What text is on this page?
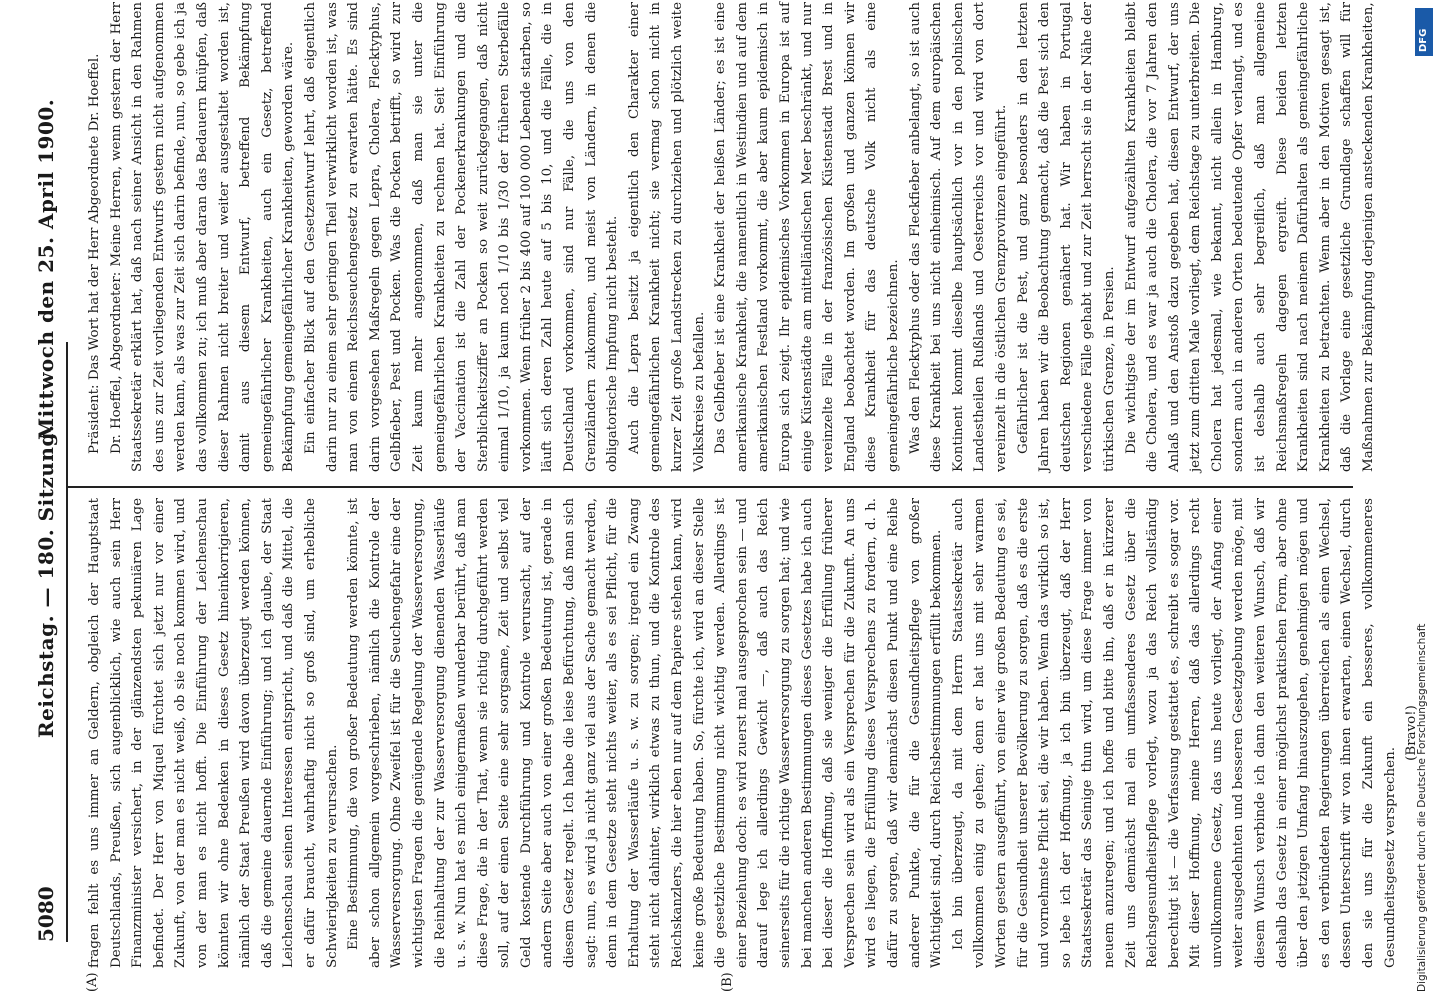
5080
Reichstag. — 180. Sitzung.
Mittwoch den 25. April 1900.
(A)	(B)

fragen fehlt es uns immer an Geldern, obgleich der Hauptstaat Deutschlands, Preußen, sich augenblicklich, wie auch sein Herr Finanzminister versichert, in der glänzendsten pekuniären Lage befindet. Der Herr von Miquel fürchtet sich jetzt nur vor einer Zukunft, von der man es nicht weiß, ob sie noch kommen wird, und von der man es nicht hofft. Die Einführung der Leichenschau könnten wir ohne Bedenken in dieses Gesetz hineinkorrigieren, nämlich der Staat Preußen wird davon überzeugt werden können, daß die gemeine dauernde Einführung; und ich glaube, der Staat Leichenschau seinen Interessen entspricht, und daß die Mittel, die er dafür braucht, wahrhaftig nicht so groß sind, um erhebliche Schwierigkeiten zu verursachen. Eine Bestimmung, die von großer Bedeutung werden könnte, ist aber schon allgemein vorgeschrieben, nämlich die Kontrole der Wasserversorgung. Ohne Zweifel ist für die Seuchengefahr eine der wichtigsten Fragen die genügende Regelung der Wasserversorgung, die Reinhaltung der zur Wasserversorgung dienenden Wasserläufe u. s. w. Nun hat es mich einigermaßen wunderbar berührt, daß man diese Frage, die in der That, wenn sie richtig durchgeführt werden soll, auf der einen Seite eine sehr sorgsame, Zeit und selbst viel Geld kostende Durchführung und Kontrole verursacht, auf der andern Seite aber auch von einer großen Bedeutung ist, gerade in diesem Gesetz regelt. Ich habe die leise Befürchtung, daß man sich sagt: nun, es wird ja nicht ganz viel aus der Sache gemacht werden, denn in dem Gesetze steht nichts weiter, als es sei Pflicht, für die Erhaltung der Wasserläufe u. s. w. zu sorgen; irgend ein Zwang steht nicht dahinter, wirklich etwas zu thun, und die Kontrole des Reichskanzlers, die hier eben nur auf dem Papiere stehen kann, wird keine große Bedeutung haben. So, fürchte ich, wird an dieser Stelle die gesetzliche Bestimmung nicht wichtig werden. Allerdings ist einer Beziehung doch: es wird zuerst mal ausgesprochen sein — und darauf lege ich allerdings Gewicht —, daß auch das Reich seinerseits für die richtige Wasserversorgung zu sorgen hat; und wie bei manchen anderen Bestimmungen dieses Gesetzes habe ich auch bei dieser die Hoffnung, daß sie weniger die Erfüllung früherer Versprechen sein wird als ein Versprechen für die Zukunft. An uns wird es liegen, die Erfüllung dieses Versprechens zu fordern, d. h. dafür zu sorgen, daß wir demnächst diesen Punkt und eine Reihe anderer Punkte, die für die Gesundheitspflege von großer Wichtigkeit sind, durch Reichsbestimmungen erfüllt bekommen. Ich bin überzeugt, da mit dem Herrn Staatssekretär auch vollkommen einig zu gehen; denn er hat uns mit sehr warmen Worten gestern ausgeführt, von einer wie großen Bedeutung es sei, für die Gesundheit unserer Bevölkerung zu sorgen, daß es die erste und vornehmste Pflicht sei, die wir haben. Wenn das wirklich so ist, so lebe ich der Hoffnung, ja ich bin überzeugt, daß der Herr Staatssekretär das Seinige thun wird, um diese Frage immer von neuem anzuregen; und ich hoffe und bitte ihn, daß er in kürzerer Zeit uns demnächst mal ein umfassenderes Gesetz über die Reichsgesundheitspflege vorlegt, wozu ja das Reich vollständig berechtigt ist — die Verfassung gestattet es, schreibt es sogar vor. Mit dieser Hoffnung, meine Herren, daß das allerdings recht unvollkommene Gesetz, das uns heute vorliegt, der Anfang einer weiter ausgedehnten und besseren Gesetzgebung werden möge, mit diesem Wunsch verbinde ich dann den weiteren Wunsch, daß wir deshalb das Gesetz in einer möglichst praktischen Form, aber ohne über den jetzigen Umfang hinauszugehen, genehmigen mögen und es den verbündeten Regierungen überreichen als einen Wechsel, dessen Unterschrift wir von ihnen erwarten, einen Wechsel, durch den sie uns für die Zukunft ein besseres, vollkommeneres Gesundheitsgesetz versprechen.

(Bravo!)

Präsident: Das Wort hat der Herr Abgeordnete Dr. Hoeffel. Dr. Hoeffel, Abgeordneter: Meine Herren, wenn gestern der Herr Staatssekretär erklärt hat, daß nach seiner Ansicht in den Rahmen des uns zur Zeit vorliegenden Entwurfs gestern nicht aufgenommen werden kann, als was zur Zeit sich darin befinde, nun, so gebe ich ja das vollkommen zu; ich muß aber daran das Bedauern knüpfen, daß dieser Rahmen nicht breiter und weiter ausgestaltet worden ist, damit aus diesem Entwurf, betreffend Bekämpfung gemeingefährlicher Krankheiten, auch ein Gesetz, betreffend Bekämpfung gemeingefährlicher Krankheiten, geworden wäre. Ein einfacher Blick auf den Gesetzentwurf lehrt, daß eigentlich darin nur zu einem sehr geringen Theil verwirklicht worden ist, was man von einem Reichsseuchengesetz zu erwarten hätte. Es sind darin vorgesehen Maßregeln gegen Lepra, Cholera, Flecktyphus, Gelbfieber, Pest und Pocken. Was die Pocken betrifft, so wird zur Zeit kaum mehr angenommen, daß man sie unter die gemeingefährlichen Krankheiten zu rechnen hat. Seit Einführung der Vaccination ist die Zahl der Pockenerkrankungen und die Sterblichkeitsziffer an Pocken so weit zurückgegangen, daß nicht einmal 1/10, ja kaum noch 1/10 bis 1/30 der früheren Sterbefälle vorkommen. Wenn früher 2 bis 400 auf 100 000 Lebende starben, so läuft sich deren Zahl heute auf 5 bis 10, und die Fälle, die in Deutschland vorkommen, sind nur Fälle, die uns von den Grenzländern zukommen, und meist von Ländern, in denen die obligatorische Impfung nicht besteht. Auch die Lepra besitzt ja eigentlich den Charakter einer gemeingefährlichen Krankheit nicht; sie vermag schon nicht in kurzer Zeit große Landstrecken zu durchziehen und plötzlich weite Volkskreise zu befallen. Das Gelbfieber ist eine Krankheit der heißen Länder; es ist eine amerikanische Krankheit, die namentlich in Westindien und auf dem amerikanischen Festland vorkommt, die aber kaum epidemisch in Europa sich zeigt. Ihr epidemisches Vorkommen in Europa ist auf einige Küstenstädte am mittelländischen Meer beschränkt, und nur vereinzelte Fälle in der französischen Küstenstadt Brest und in England beobachtet worden. Im großen und ganzen können wir diese Krankheit für das deutsche Volk nicht als eine gemeingefährliche bezeichnen. Was den Flecktyphus oder das Fleckfieber anbelangt, so ist auch diese Krankheit bei uns nicht einheimisch. Auf dem europäischen Kontinent kommt dieselbe hauptsächlich vor in den polnischen Landestheilen Rußlands und Oesterreichs vor und wird von dort vereinzelt in die östlichen Grenzprovinzen eingeführt. Gefährlicher ist die Pest, und ganz besonders in den letzten Jahren haben wir die Beobachtung gemacht, daß die Pest sich den deutschen Regionen genähert hat. Wir haben in Portugal verschiedene Fälle gehabt und zur Zeit herrscht sie in der Nähe der türkischen Grenze, in Persien. Die wichtigste der im Entwurf aufgezählten Krankheiten bleibt die Cholera, und es war ja auch die Cholera, die vor 7 Jahren den Anlaß und den Anstoß dazu gegeben hat, diesen Entwurf, der uns jetzt zum dritten Male vorliegt, dem Reichstage zu unterbreiten. Die Cholera hat jedesmal, wie bekannt, nicht allein in Hamburg, sondern auch in anderen Orten bedeutende Opfer verlangt, und es ist deshalb auch sehr begreiflich, daß man allgemeine Reichsmaßregeln dagegen ergreift. Diese beiden letzten Krankheiten sind nach meinem Dafürhalten als gemeingefährliche Krankheiten zu betrachten. Wenn aber in den Motiven gesagt ist, daß die Vorlage eine gesetzliche Grundlage schaffen will für Maßnahmen zur Bekämpfung derjenigen ansteckenden Krankheiten,

Digitalisierung gefördert durch die Deutsche Forschungsgemeinschaft
DFG
